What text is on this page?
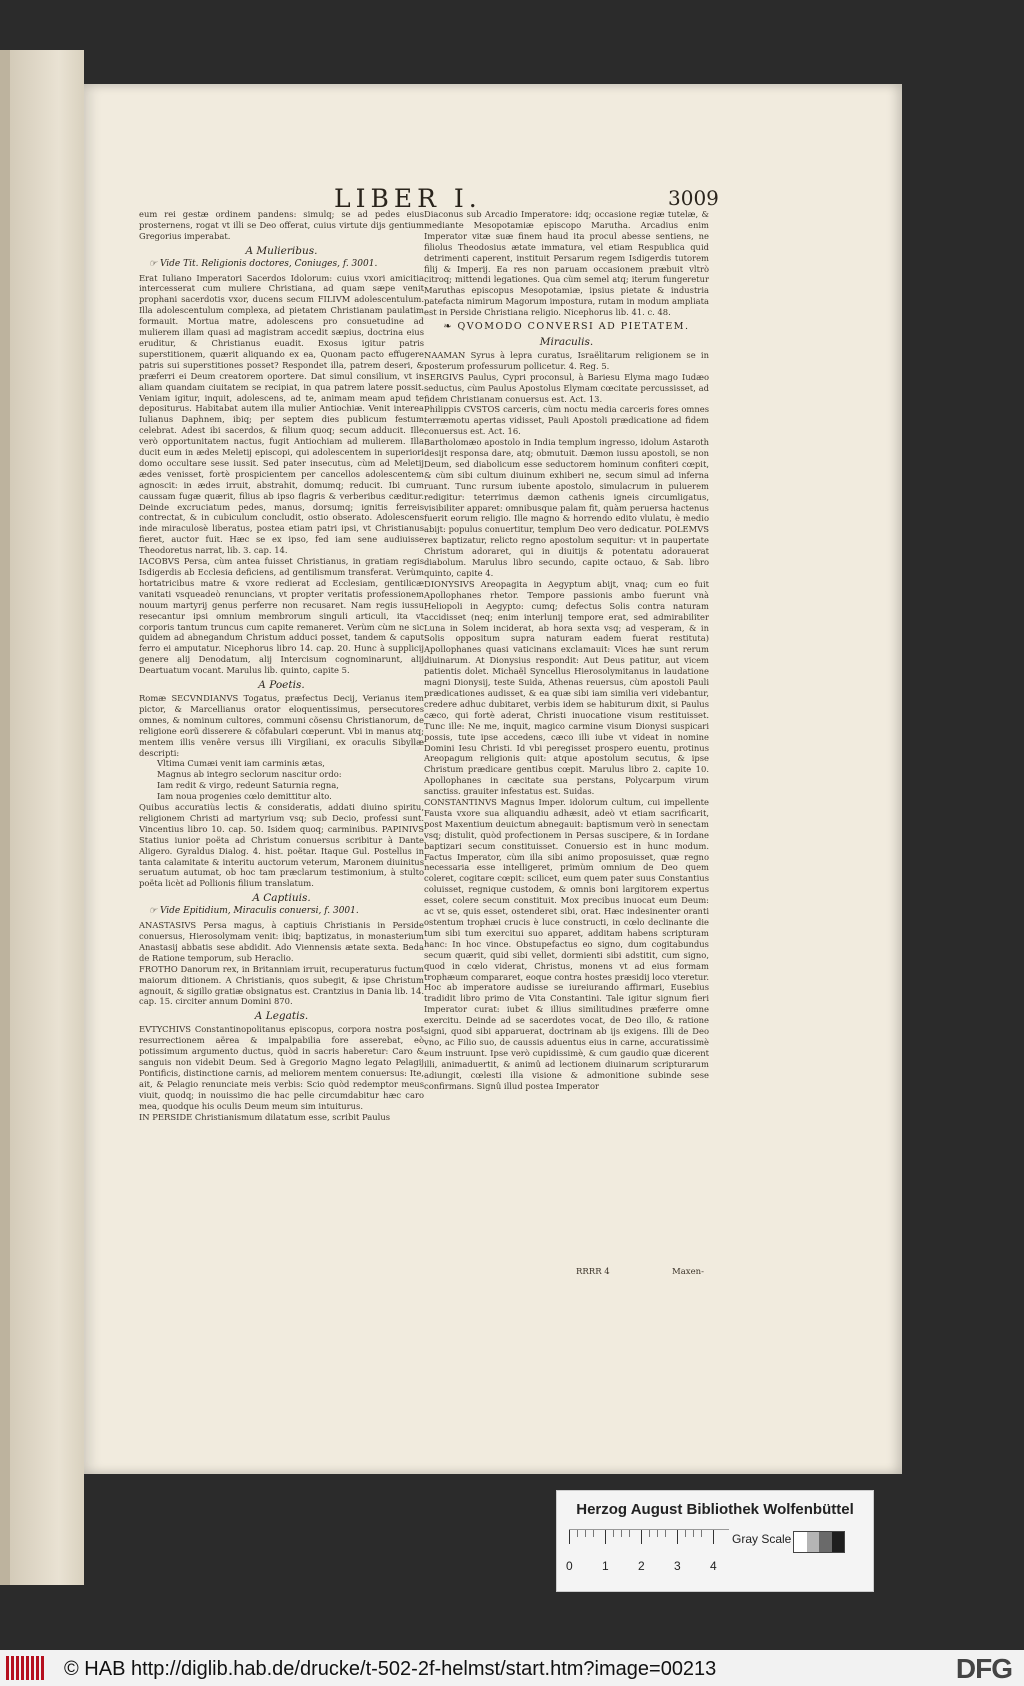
LIBER I.	3009

eum rei gestæ ordinem pandens: simulq; se ad pedes eius prosternens, rogat vt illi se Deo offerat, cuius virtute dijs gentium Gregorius imperabat.

A Mulieribus.
☞ Vide Tit. Religionis doctores, Coniuges, f. 3001.

Erat Iuliano Imperatori Sacerdos Idolorum: cuius vxori amicitia intercesserat cum muliere Christiana, ad quam sæpe venit prophani sacerdotis vxor, ducens secum FILIVM adolescentulum. Illa adolescentulum complexa, ad pietatem Christianam paulatim formauit. Mortua matre, adolescens pro consuetudine ad mulierem illam quasi ad magistram accedit sæpius, doctrina eius eruditur, & Christianus euadit. Exosus igitur patris superstitionem, quærit aliquando ex ea, Quonam pacto effugere patris sui superstitiones posset? Respondet illa, patrem deseri, & præferri ei Deum creatorem oportere. Dat simul consilium, vt in aliam quandam ciuitatem se recipiat, in qua patrem latere possit. Veniam igitur, inquit, adolescens, ad te, animam meam apud te depositurus. Habitabat autem illa mulier Antiochiæ. Venit interea Iulianus Daphnem, ibiq; per septem dies publicum festum celebrat. Adest ibi sacerdos, & filium quoq; secum adducit. Ille verò opportunitatem nactus, fugit Antiochiam ad mulierem. Illa ducit eum in ædes Meletij episcopi, qui adolescentem in superiori domo occultare sese iussit. Sed pater insecutus, cùm ad Meletij ædes venisset, fortè prospicientem per cancellos adolescentem agnoscit: in ædes irruit, abstrahit, domumq; reducit. Ibi cum caussam fugæ quærit, filius ab ipso flagris & verberibus cæditur. Deinde excruciatum pedes, manus, dorsumq; ignitis ferreis contrectat, & in cubiculum concludit, ostio obserato. Adolescens inde miraculosè liberatus, postea etiam patri ipsi, vt Christianus fieret, auctor fuit. Hæc se ex ipso, fed iam sene audiuisse Theodoretus narrat, lib. 3. cap. 14.

IACOBVS Persa, cùm antea fuisset Christianus, in gratiam regis Isdigerdis ab Ecclesia deficiens, ad gentilismum transferat. Verùm hortatricibus matre & vxore redierat ad Ecclesiam, gentilicæ vanitati vsqueadeò renuncians, vt propter veritatis professionem nouum martyrij genus perferre non recusaret. Nam regis iussu resecantur ipsi omnium membrorum singuli articuli, ita vt corporis tantum truncus cum capite remaneret. Verùm cùm ne sic quidem ad abnegandum Christum adduci posset, tandem & caput ferro ei amputatur. Nicephorus libro 14. cap. 20. Hunc à supplicij genere alij Denodatum, alij Intercisum cognominarunt, alij Deartuatum vocant. Marulus lib. quinto, capite 5.

A Poetis.

Romæ SECVNDIANVS Togatus, præfectus Decij, Verianus item pictor, & Marcellianus orator eloquentissimus, persecutores omnes, & nominum cultores, communi cõsensu Christianorum, de religione eorũ disserere & cõfabulari cœperunt. Vbi in manus atq; mentem illis venêre versus illi Virgiliani, ex oraculis Sibyllæ descripti:

Vltima Cumæi venit iam carminis ætas,

Magnus ab integro seclorum nascitur ordo:

Iam redit & virgo, redeunt Saturnia regna,

Iam noua progenies cœlo demittitur alto.

Quibus accuratiùs lectis & consideratis, addati diuino spiritu, religionem Christi ad martyrium vsq; sub Decio, professi sunt. Vincentius libro 10. cap. 50. Isidem quoq; carminibus. PAPINIVS Statius iunior poëta ad Christum conuersus scribitur à Dante Aligero. Gyraldus Dialog. 4. hist. poëtar. Itaque Gul. Postellus in tanta calamitate & interitu auctorum veterum, Maronem diuinitus seruatum autumat, ob hoc tam præclarum testimonium, à stulto poëta licèt ad Pollionis filium translatum.

A Captiuis.
☞ Vide Epitidium, Miraculis conuersi, f. 3001.

ANASTASIVS Persa magus, à captiuis Christianis in Perside conuersus, Hierosolymam venit: ibiq; baptizatus, in monasterium Anastasij abbatis sese abdidit. Ado Viennensis ætate sexta. Beda de Ratione temporum, sub Heraclio.

FROTHO Danorum rex, in Britanniam irruit, recuperaturus fuctum maiorum ditionem. A Christianis, quos subegit, & ipse Christum agnouit, & sigillo gratiæ obsignatus est. Crantzius in Dania lib. 14. cap. 15. circiter annum Domini 870.

A Legatis.

EVTYCHIVS Constantinopolitanus episcopus, corpora nostra post resurrectionem aërea & impalpabilia fore asserebat, eò potissimum argumento ductus, quòd in sacris haberetur: Caro & sanguis non videbit Deum. Sed à Gregorio Magno legato Pelagij Pontificis, distinctione carnis, ad meliorem mentem conuersus: Ite, ait, & Pelagio renunciate meis verbis: Scio quòd redemptor meus viuit, quodq; in nouissimo die hac pelle circumdabitur hæc caro mea, quodque his oculis Deum meum sim intuiturus.

IN PERSIDE Christianismum dilatatum esse, scribit Paulus

Diaconus sub Arcadio Imperatore: idq; occasione regiæ tutelæ, & mediante Mesopotamiæ episcopo Marutha. Arcadius enim Imperator vitæ suæ finem haud ita procul abesse sentiens, ne filiolus Theodosius ætate immatura, vel etiam Respublica quid detrimenti caperent, instituit Persarum regem Isdigerdis tutorem filij & Imperij. Ea res non paruam occasionem præbuit vltrò citroq; mittendi legationes. Qua cùm semel atq; iterum fungeretur Maruthas episcopus Mesopotamiæ, ipsius pietate & industria patefacta nimirum Magorum impostura, rutam in modum ampliata est in Perside Christiana religio. Nicephorus lib. 41. c. 48.

❧ QVOMODO CONVERSI AD PIETATEM.
Miraculis.

NAAMAN Syrus à lepra curatus, Israëlitarum religionem se in posterum professurum pollicetur. 4. Reg. 5.

SERGIVS Paulus, Cypri proconsul, à Bariesu Elyma mago Iudæo seductus, cùm Paulus Apostolus Elymam cœcitate percussisset, ad fidem Christianam conuersus est. Act. 13.

Philippis CVSTOS carceris, cùm noctu media carceris fores omnes terræmotu apertas vidisset, Pauli Apostoli prædicatione ad fidem conuersus est. Act. 16.

Bartholomæo apostolo in India templum ingresso, idolum Astaroth desijt responsa dare, atq; obmutuit. Dæmon iussu apostoli, se non Deum, sed diabolicum esse seductorem hominum confiteri cœpit, & cùm sibi cultum diuinum exhiberi ne, secum simul ad inferna ruant. Tunc rursum iubente apostolo, simulacrum in puluerem redigitur: teterrimus dæmon cathenis igneis circumligatus, visibiliter apparet: omnibusque palam fit, quàm peruersa hactenus fuerit eorum religio. Ille magno & horrendo edito vlulatu, è medio abijt: populus conuertitur, templum Deo vero dedicatur. POLEMVS rex baptizatur, relicto regno apostolum sequitur: vt in paupertate Christum adoraret, qui in diuitijs & potentatu adorauerat diabolum. Marulus libro secundo, capite octauo, & Sab. libro quinto, capite 4.

DIONYSIVS Areopagita in Aegyptum abijt, vnaq; cum eo fuit Apollophanes rhetor. Tempore passionis ambo fuerunt vnà Heliopoli in Aegypto: cumq; defectus Solis contra naturam accidisset (neq; enim interlunij tempore erat, sed admirabiliter Luna in Solem inciderat, ab hora sexta vsq; ad vesperam, & in Solis oppositum supra naturam eadem fuerat restituta) Apollophanes quasi vaticinans exclamauit: Vices hæ sunt rerum diuinarum. At Dionysius respondit: Aut Deus patitur, aut vicem patientis dolet. Michaël Syncellus Hierosolymitanus in laudatione magni Dionysij, teste Suida, Athenas reuersus, cùm apostoli Pauli prædicationes audisset, & ea quæ sibi iam similia veri videbantur, credere adhuc dubitaret, verbis idem se habiturum dixit, si Paulus cæco, qui fortè aderat, Christi inuocatione visum restituisset. Tunc ille: Ne me, inquit, magico carmine visum Dionysi suspicari possis, tute ipse accedens, cæco illi iube vt videat in nomine Domini Iesu Christi. Id vbi peregisset prospero euentu, protinus Areopagum religionis quit: atque apostolum secutus, & ipse Christum prædicare gentibus cœpit. Marulus libro 2. capite 10. Apollophanes in cæcitate sua perstans, Polycarpum virum sanctiss. grauiter infestatus est. Suidas.

CONSTANTINVS Magnus Imper. idolorum cultum, cui impellente Fausta vxore sua aliquandiu adhæsit, adeò vt etiam sacrificarit, post Maxentium deuictum abnegauit: baptismum verò in senectam vsq; distulit, quòd profectionem in Persas suscipere, & in Iordane baptizari secum constituisset. Conuersio est in hunc modum. Factus Imperator, cùm illa sibi animo proposuisset, quæ regno necessaria esse intelligeret, primùm omnium de Deo quem coleret, cogitare cœpit: scilicet, eum quem pater suus Constantius coluisset, regnique custodem, & omnis boni largitorem expertus esset, colere secum constituit. Mox precibus inuocat eum Deum: ac vt se, quis esset, ostenderet sibi, orat. Hæc indesinenter oranti ostentum trophæi crucis è luce constructi, in cœlo declinante die tum sibi tum exercitui suo apparet, additam habens scripturam hanc: In hoc vince. Obstupefactus eo signo, dum cogitabundus secum quærit, quid sibi vellet, dormienti sibi adstitit, cum signo, quod in cœlo viderat, Christus, monens vt ad eius formam trophæum compararet, eoque contra hostes præsidij loco vteretur. Hoc ab imperatore audisse se iureiurando affirmari, Eusebius tradidit libro primo de Vita Constantini. Tale igitur signum fieri Imperator curat: iubet & illius similitudines præferre omne exercitu. Deinde ad se sacerdotes vocat, de Deo illo, & ratione signi, quod sibi apparuerat, doctrinam ab ijs exigens. Illi de Deo vno, ac Filio suo, de caussis aduentus eius in carne, accuratissimè eum instruunt. Ipse verò cupidissimè, & cum gaudio quæ dicerent illi, animaduertit, & animû ad lectionem diuinarum scripturarum adiungit, cœlesti illa visione & admonitione subinde sese confirmans. Signû illud postea Imperator

RRRR 4	Maxen-
Herzog August Bibliothek Wolfenbüttel
0 1 2 3 4
Gray Scale
© HAB http://diglib.hab.de/drucke/t-502-2f-helmst/start.htm?image=00213	DFG
